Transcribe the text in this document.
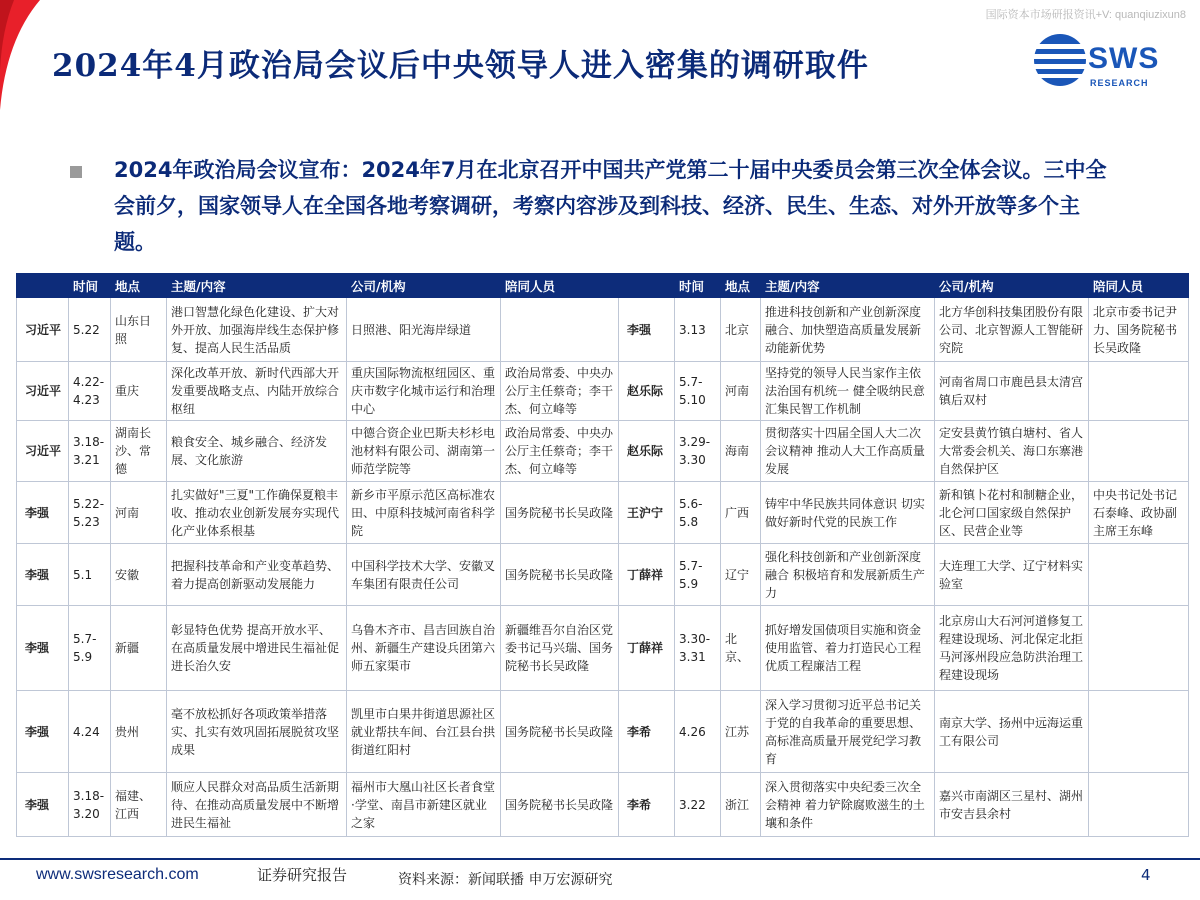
国际资本市场研报资讯+V: quanqiuzixun8
2024年4月政治局会议后中央领导人进入密集的调研取件	SWS
RESEARCH
2024年政治局会议宣布：2024年7月在北京召开中国共产党第二十届中央委员会第三次全体会议。三中全会前夕，国家领导人在全国各地考察调研，考察内容涉及到科技、经济、民生、生态、对外开放等多个主题。
	时间	地点	主题/内容	公司/机构	陪同人员		时间	地点	主题/内容	公司/机构	陪同人员
习近平	5.22	山东日照	港口智慧化绿色化建设、扩大对外开放、加强海岸线生态保护修复、提高人民生活品质	日照港、阳光海岸绿道		李强	3.13	北京	推进科技创新和产业创新深度融合、加快塑造高质量发展新动能新优势	北方华创科技集团股份有限公司、北京智源人工智能研究院	北京市委书记尹力、国务院秘书长吴政隆
习近平	4.22-4.23	重庆	深化改革开放、新时代西部大开发重要战略支点、内陆开放综合枢纽	重庆国际物流枢纽园区、重庆市数字化城市运行和治理中心	政治局常委、中央办公厅主任蔡奇；李干杰、何立峰等	赵乐际	5.7-5.10	河南	坚持党的领导人民当家作主依法治国有机统一 健全吸纳民意汇集民智工作机制	河南省周口市鹿邑县太清宫镇后双村	
习近平	3.18-3.21	湖南长沙、常德	粮食安全、城乡融合、经济发展、文化旅游	中德合资企业巴斯夫杉杉电池材料有限公司、湖南第一师范学院等	政治局常委、中央办公厅主任蔡奇；李干杰、何立峰等	赵乐际	3.29-3.30	海南	贯彻落实十四届全国人大二次会议精神 推动人大工作高质量发展	定安县黄竹镇白塘村、省人大常委会机关、海口东寨港自然保护区	
李强	5.22-5.23	河南	扎实做好"三夏"工作确保夏粮丰收、推动农业创新发展夯实现代化产业体系根基	新乡市平原示范区高标准农田、中原科技城河南省科学院	国务院秘书长吴政隆	王沪宁	5.6-5.8	广西	铸牢中华民族共同体意识 切实做好新时代党的民族工作	新和镇卜花村和制糖企业，北仑河口国家级自然保护区、民营企业等	中央书记处书记石泰峰、政协副主席王东峰
李强	5.1	安徽	把握科技革命和产业变革趋势、着力提高创新驱动发展能力	中国科学技术大学、安徽叉车集团有限责任公司	国务院秘书长吴政隆	丁薛祥	5.7-5.9	辽宁	强化科技创新和产业创新深度融合 积极培育和发展新质生产力	大连理工大学、辽宁材料实验室	
李强	5.7-5.9	新疆	彰显特色优势 提高开放水平、在高质量发展中增进民生福祉促进长治久安	乌鲁木齐市、昌吉回族自治州、新疆生产建设兵团第六师五家渠市	新疆维吾尔自治区党委书记马兴瑞、国务院秘书长吴政隆	丁薛祥	3.30-3.31	北京、	抓好增发国债项目实施和资金使用监管、着力打造民心工程优质工程廉洁工程	北京房山大石河河道修复工程建设现场、河北保定北拒马河涿州段应急防洪治理工程建设现场	
李强	4.24	贵州	毫不放松抓好各项政策举措落实、扎实有效巩固拓展脱贫攻坚成果	凯里市白果井街道思源社区就业帮扶车间、台江县台拱街道红阳村	国务院秘书长吴政隆	李希	4.26	江苏	深入学习贯彻习近平总书记关于党的自我革命的重要思想、高标准高质量开展党纪学习教育	南京大学、扬州中远海运重工有限公司	
李强	3.18-3.20	福建、江西	顺应人民群众对高品质生活新期待、在推动高质量发展中不断增进民生福祉	福州市大凰山社区长者食堂·学堂、南昌市新建区就业之家	国务院秘书长吴政隆	李希	3.22	浙江	深入贯彻落实中央纪委三次全会精神 着力铲除腐败滋生的土壤和条件	嘉兴市南湖区三星村、湖州市安吉县余村	
www.swsresearch.com	证券研究报告	资料来源：新闻联播 申万宏源研究	4
